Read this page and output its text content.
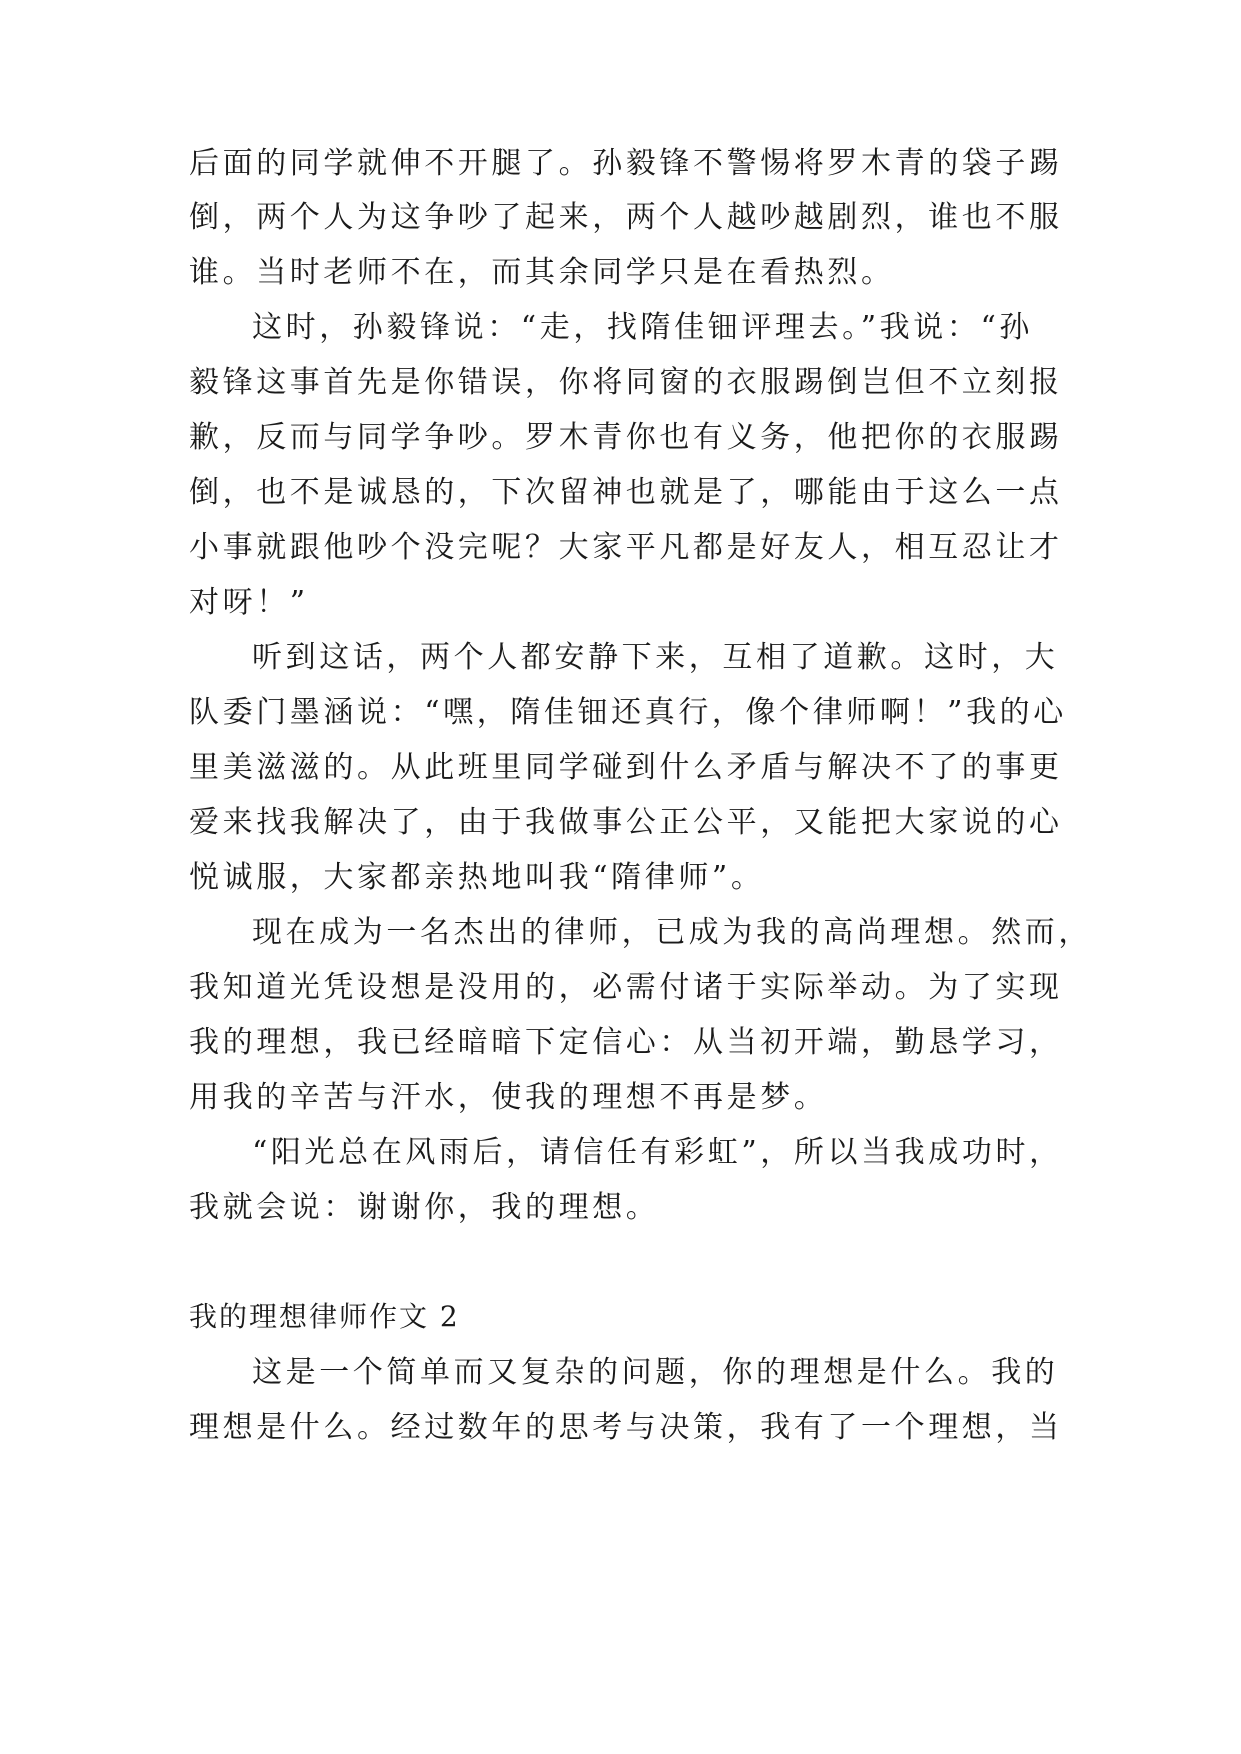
后面的同学就伸不开腿了。孙毅锋不警惕将罗木青的袋子踢
倒，两个人为这争吵了起来，两个人越吵越剧烈，谁也不服
谁。当时老师不在，而其余同学只是在看热烈。
这时，孙毅锋说：“走，找隋佳钿评理去。”我说：“孙
毅锋这事首先是你错误，你将同窗的衣服踢倒岂但不立刻报
歉，反而与同学争吵。罗木青你也有义务，他把你的衣服踢
倒，也不是诚恳的，下次留神也就是了，哪能由于这么一点
小事就跟他吵个没完呢？大家平凡都是好友人，相互忍让才
对呀！”
听到这话，两个人都安静下来，互相了道歉。这时，大
队委门墨涵说：“嘿，隋佳钿还真行，像个律师啊！”我的心
里美滋滋的。从此班里同学碰到什么矛盾与解决不了的事更
爱来找我解决了，由于我做事公正公平，又能把大家说的心
悦诚服，大家都亲热地叫我“隋律师”。
现在成为一名杰出的律师，已成为我的高尚理想。然而，
我知道光凭设想是没用的，必需付诸于实际举动。为了实现
我的理想，我已经暗暗下定信心：从当初开端，勤恳学习，
用我的辛苦与汗水，使我的理想不再是梦。
“阳光总在风雨后，请信任有彩虹”，所以当我成功时，
我就会说：谢谢你，我的理想。
我的理想律师作文 2
这是一个简单而又复杂的问题，你的理想是什么。我的
理想是什么。经过数年的思考与决策，我有了一个理想，当
